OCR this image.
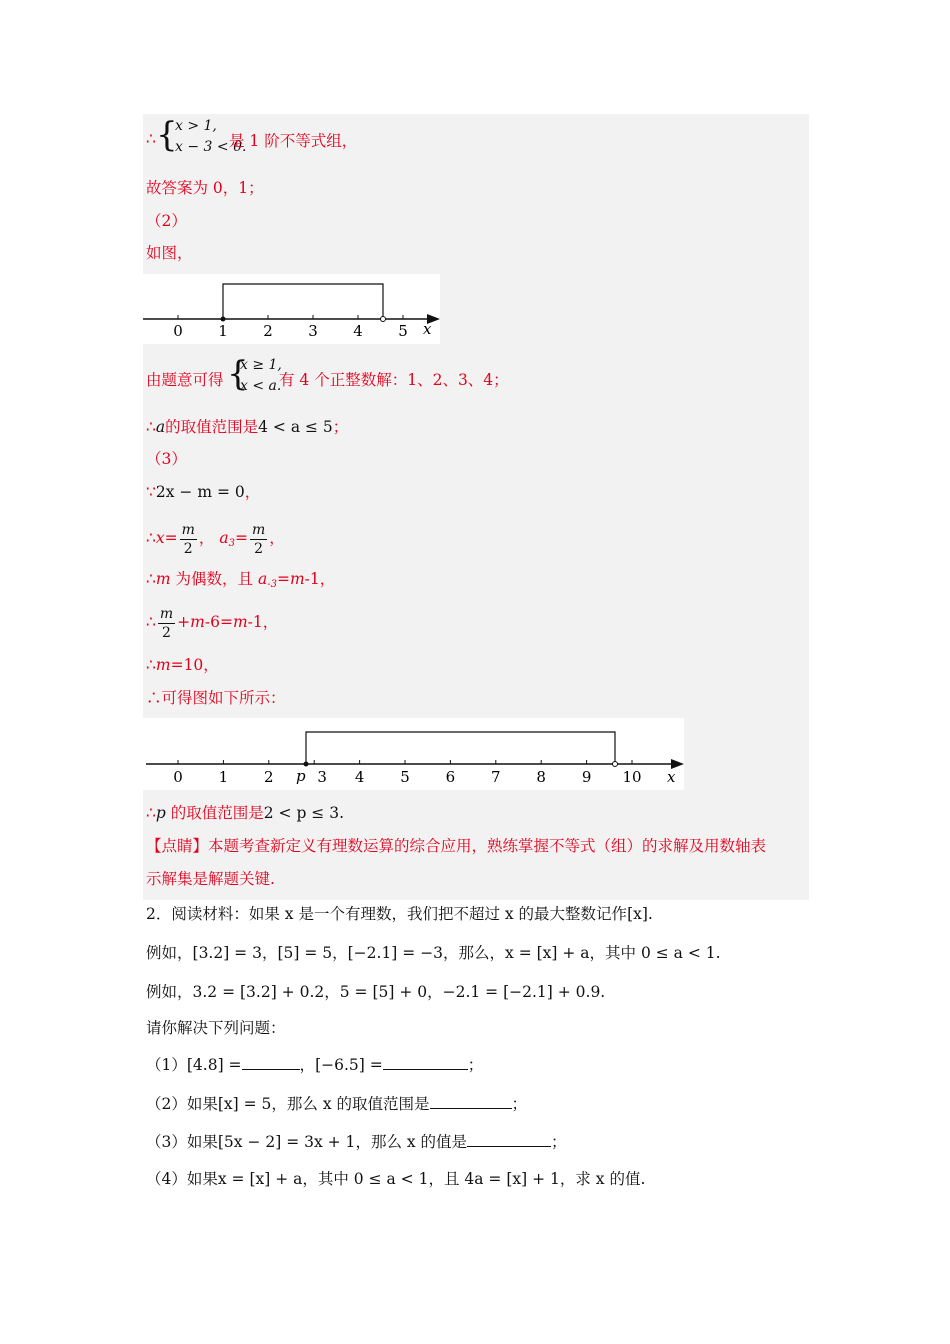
∴ {
x > 1,
x − 3 < 0.
是 1 阶不等式组，
故答案为 0，1；
（2）
如图，
0 1 2 3 4 5 x
由题意可得 {
x ≥ 1,
x < a.
有 4 个正整数解：1、2、3、4；
∴a的取值范围是4 < a ≤ 5；
（3）
∵2x − m = 0，
∴x= $\frac{m}{2}$ ， $a_3= \frac{m}{2}$ ，
∴m 为偶数，且 $a_{-3}=m-1$，
∴ $\frac{m}{2} +m-6=m-1$，
∴m=10，
∴可得图如下所示：
0 1 2	3 4 5 6 7 8 9 10
p	x
∴p 的取值范围是2 < p ≤ 3.
【点睛】本题考查新定义有理数运算的综合应用，熟练掌握不等式（组）的求解及用数轴表
示解集是解题关键.
2．阅读材料：如果 x 是一个有理数，我们把不超过 x 的最大整数记作[x].
例如，[3.2] = 3，[5] = 5，[−2.1] = −3，那么，x = [x] + a，其中 0 ≤ a < 1.
例如，3.2 = [3.2] + 0.2，5 = [5] + 0，−2.1 = [−2.1] + 0.9.
请你解决下列问题：
（1）[4.8] =	，[−6.5] =	；
（2）如果[x] = 5，那么 x 的取值范围是	；
（3）如果[5x − 2] = 3x + 1，那么 x 的值是	；
（4）如果x = [x] + a，其中 0 ≤ a < 1，且 4a = [x] + 1，求 x 的值.
